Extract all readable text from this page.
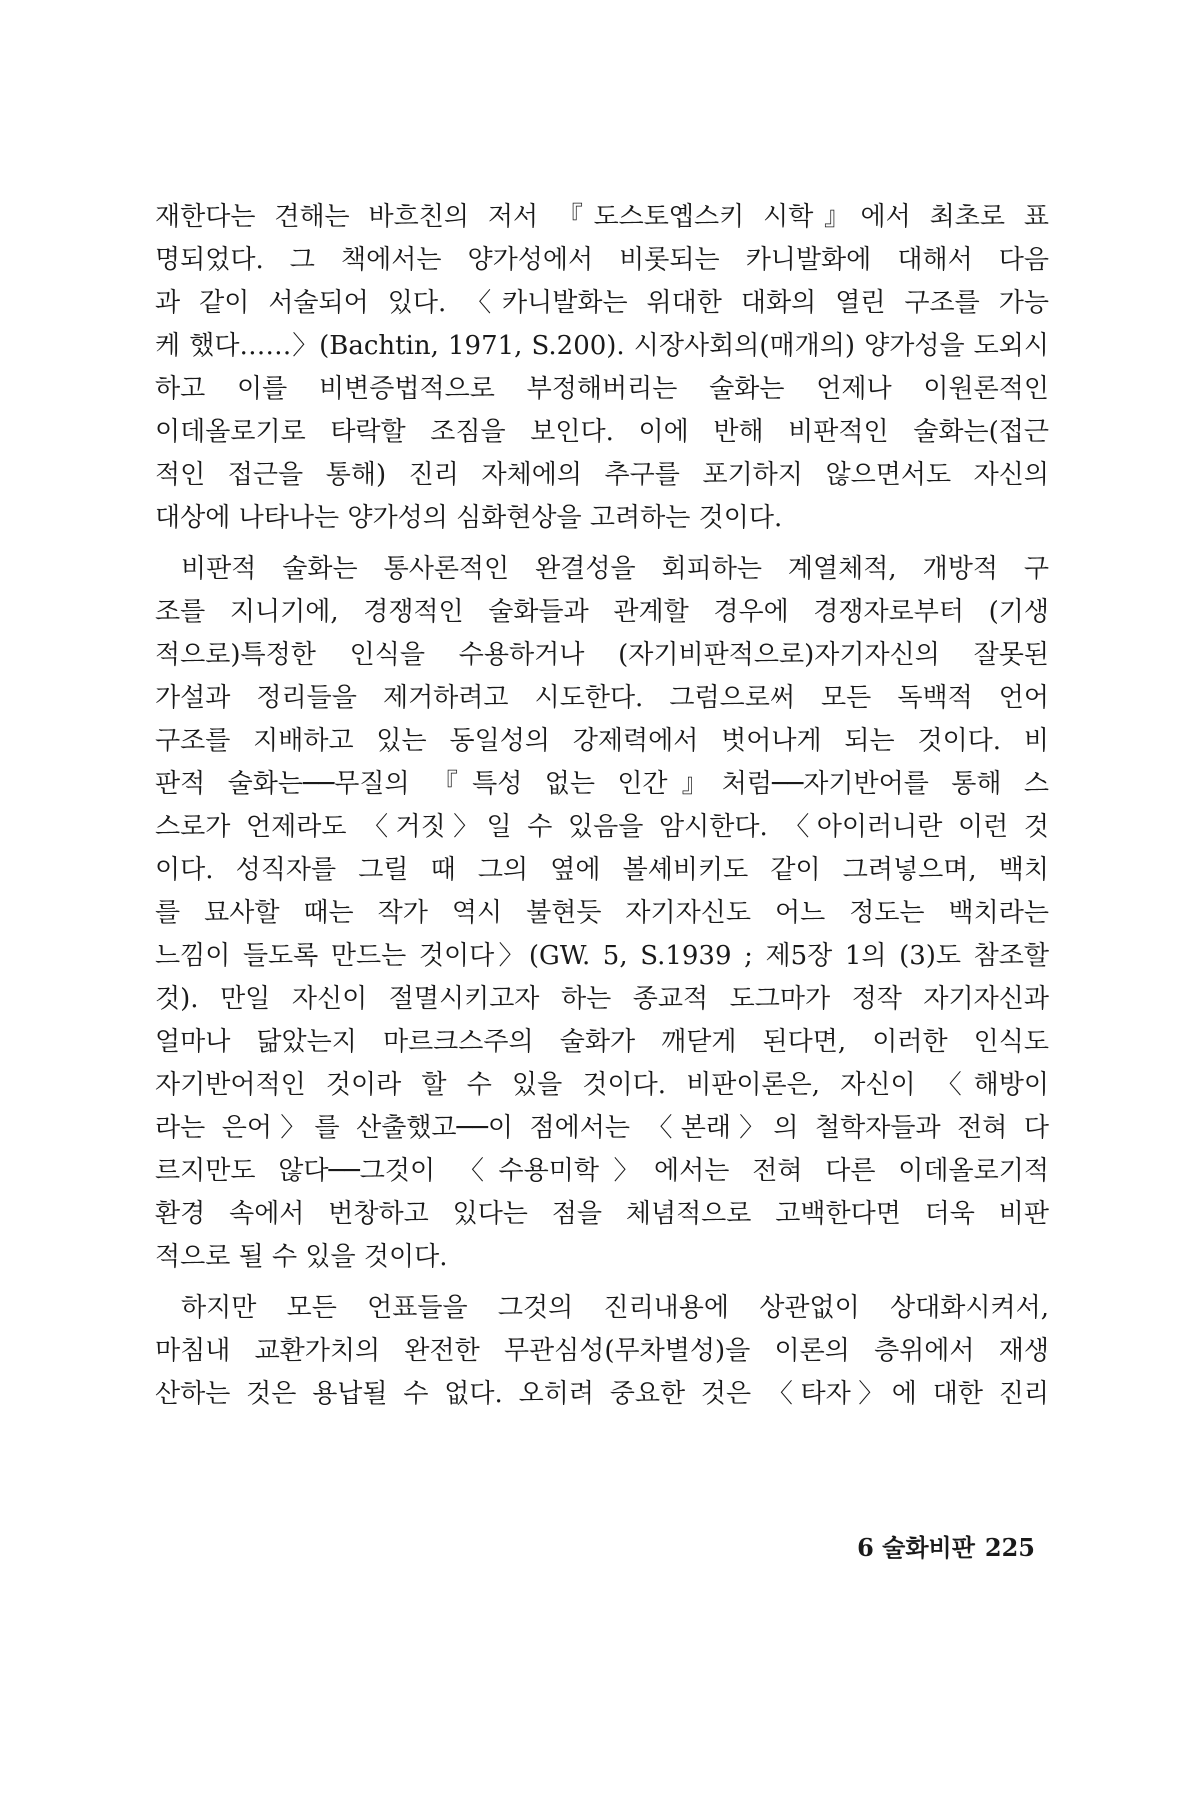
재한다는 견해는 바흐친의 저서 『도스토옙스키 시학』에서 최초로 표
명되었다. 그 책에서는 양가성에서 비롯되는 카니발화에 대해서 다음
과 같이 서술되어 있다. 〈카니발화는 위대한 대화의 열린 구조를 가능
케 했다……〉(Bachtin, 1971, S.200). 시장사회의(매개의) 양가성을 도외시
하고 이를 비변증법적으로 부정해버리는 술화는 언제나 이원론적인
이데올로기로 타락할 조짐을 보인다. 이에 반해 비판적인 술화는(접근
적인 접근을 통해) 진리 자체에의 추구를 포기하지 않으면서도 자신의
대상에 나타나는 양가성의 심화현상을 고려하는 것이다.
비판적 술화는 통사론적인 완결성을 회피하는 계열체적, 개방적 구
조를 지니기에, 경쟁적인 술화들과 관계할 경우에 경쟁자로부터 (기생
적으로)특정한 인식을 수용하거나 (자기비판적으로)자기자신의 잘못된
가설과 정리들을 제거하려고 시도한다. 그럼으로써 모든 독백적 언어
구조를 지배하고 있는 동일성의 강제력에서 벗어나게 되는 것이다. 비
판적 술화는──무질의 『특성 없는 인간』처럼──자기반어를 통해 스
스로가 언제라도 〈거짓〉일 수 있음을 암시한다. 〈아이러니란 이런 것
이다. 성직자를 그릴 때 그의 옆에 볼셰비키도 같이 그려넣으며, 백치
를 묘사할 때는 작가 역시 불현듯 자기자신도 어느 정도는 백치라는
느낌이 들도록 만드는 것이다〉(GW. 5, S.1939 ; 제5장 1의 (3)도 참조할
것). 만일 자신이 절멸시키고자 하는 종교적 도그마가 정작 자기자신과
얼마나 닮았는지 마르크스주의 술화가 깨닫게 된다면, 이러한 인식도
자기반어적인 것이라 할 수 있을 것이다. 비판이론은, 자신이 〈해방이
라는 은어〉를 산출했고──이 점에서는 〈본래〉의 철학자들과 전혀 다
르지만도 않다──그것이 〈수용미학〉에서는 전혀 다른 이데올로기적
환경 속에서 번창하고 있다는 점을 체념적으로 고백한다면 더욱 비판
적으로 될 수 있을 것이다.
하지만 모든 언표들을 그것의 진리내용에 상관없이 상대화시켜서,
마침내 교환가치의 완전한 무관심성(무차별성)을 이론의 층위에서 재생
산하는 것은 용납될 수 없다. 오히려 중요한 것은 〈타자〉에 대한 진리
6 술화비판 225
